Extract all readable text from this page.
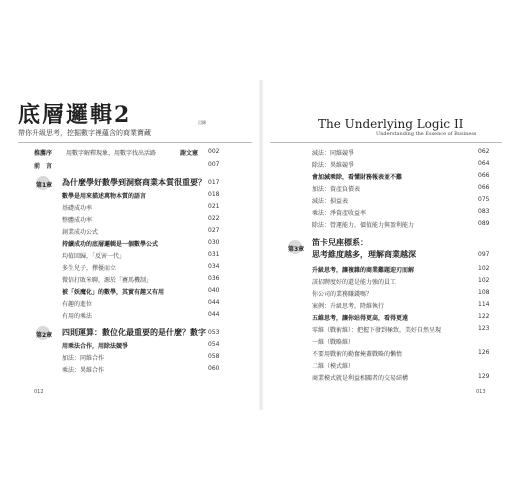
底層邏輯2	目錄
帶你升級思考，挖掘數字裡蘊含的商業寶藏
The Underlying Logic II
Understanding the Essence of Business
推薦序 用數字解釋現象，用數字找出活路	謝文憲 002
前　言	007
第1章 為什麼學好數學到洞察商業本質很重要？ 017
數學是用來描述萬物本質的語言	018
基礎成功率	021
整體成功率	022
創業成功公式	027
持續成功的底層邏輯是一個數學公式	030
均值回歸，「反害一代」	031
多生兒子，擇優而立	034
微信打敗米聊，源於「賽馬機制」	036
被「妖魔化」的數學，其實有趣又有用	040
有趣的進位	044
有用的乘法	044
第2章 四則運算：數位化最重要的是什麼？數字 053
用乘法合作，用除法競爭	054
加法：同維合作	058
乘法：異維合作	060
減法：同維競爭	062
除法：異維競爭	064
會加減乘除，看懂財務報表並不難	066
加法：資產負債表	066
減法：損益表	075
乘法：淨資產收益率	083
除法：營運能力，價值能力與盈利能力	089
第3章
笛卡兒座標系：
思考維度越多，理解商業越深	097
升級思考，讓複雜的商業難題迎刃而解	102
該招聘度好的還是能力強的員工	102
你公司的業務賺錢嗎？	108
案例：升級思考，降維執行	114
五維思考，讓你站得更高，看得更遠	122
零維（戰術維）：把握下發到極致，美好自然呈現	123
一維（戰略維）
不要用戰術的勤奮掩蓋戰略的懶惰	126
二維（模式維）
商業模式就是利益相關者的交易結構	129
012	013
